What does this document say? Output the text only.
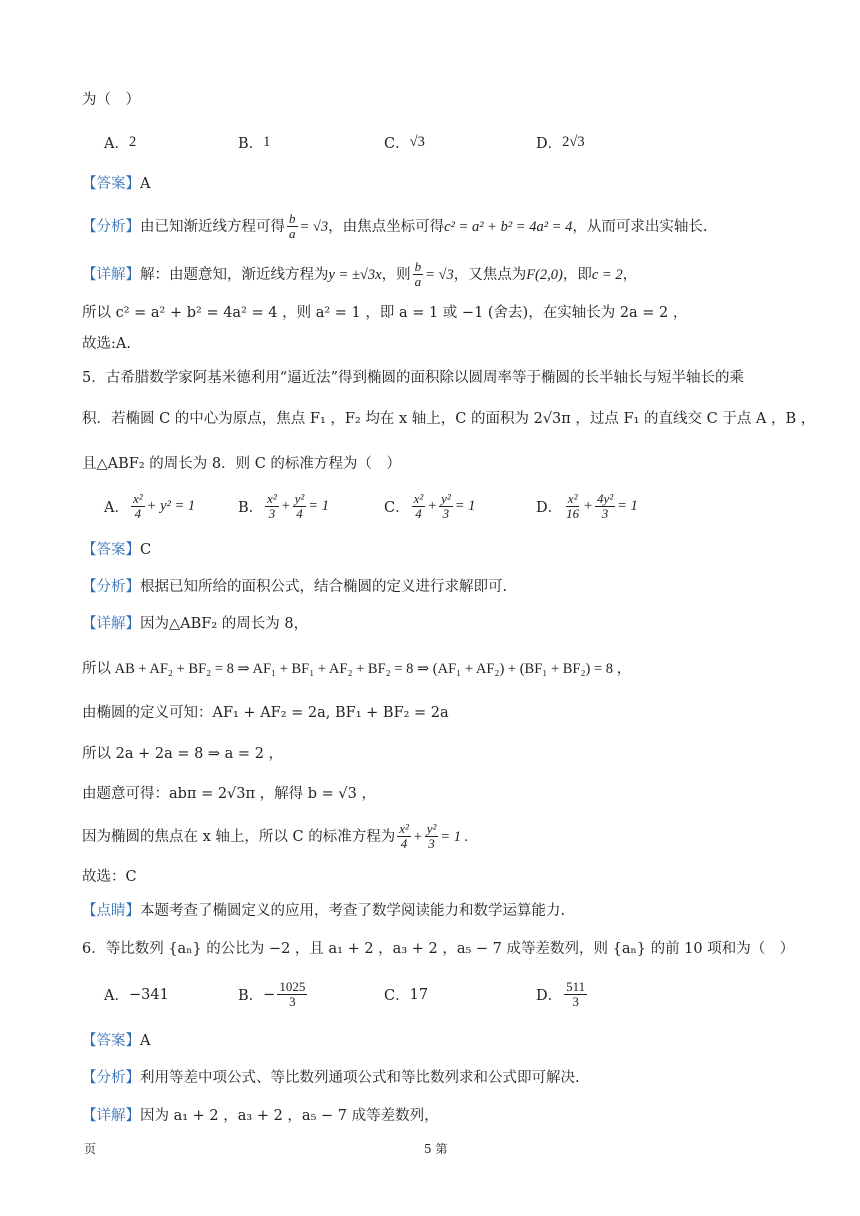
为（　）
A． 2	B． 1	C． √3	D． 2√3
【答案】A
【分析】 由已知渐近线方程可得 $\frac{b}{a} = √3$ ，由焦点坐标可得 c² = a² + b² = 4a² = 4 ，从而可求出实轴长.
【详解】 解：由题意知，渐近线方程为 y = ±√3x ，则 $\frac{b}{a} = √3$ ，又焦点为 F(2,0) ，即 c = 2 ，
所以 c² = a² + b² = 4a² = 4 ，则 a² = 1 ，即 a = 1 或 −1 (舍去)，在实轴长为 2a = 2 ，
故选:A.
5．古希腊数学家阿基米德利用“逼近法”得到椭圆的面积除以圆周率等于椭圆的长半轴长与短半轴长的乘
积．若椭圆 C 的中心为原点，焦点 F₁ ，F₂ 均在 x 轴上，C 的面积为 2√3π ，过点 F₁ 的直线交 C 于点 A ，B ，
且△ABF₂ 的周长为 8．则 C 的标准方程为（　）
A． $\frac{\text{x²}}{4} + y^2 = 1$	B． $\frac{\text{x²}}{3} + \frac{\text{y²}}{4} = 1$	C． $\frac{\text{x²}}{4} + \frac{\text{y²}}{3} = 1$	D． $\frac{\text{x²}}{16} + \frac{\text{4y²}}{3} = 1$
【答案】C
【分析】根据已知所给的面积公式，结合椭圆的定义进行求解即可.
【详解】因为△ABF₂ 的周长为 8，
所以 AB + AF₂ + BF₂ = 8 ⇒ AF₁ + BF₁ + AF₂ + BF₂ = 8 ⇒ (AF₁ + AF₂) + (BF₁ + BF₂) = 8 ，
由椭圆的定义可知：AF₁ + AF₂ = 2a, BF₁ + BF₂ = 2a
所以 2a + 2a = 8 ⇒ a = 2 ，
由题意可得：abπ = 2√3π ，解得 b = √3 ，
因为椭圆的焦点在 x 轴上，所以 C 的标准方程为 $\frac{\text{x²}}{4} + \frac{\text{y²}}{3} = 1$ .
故选：C
【点睛】本题考查了椭圆定义的应用，考查了数学阅读能力和数学运算能力.
6．等比数列 {aₙ} 的公比为 −2 ，且 a₁ + 2 ，a₃ + 2 ，a₅ − 7 成等差数列，则 {aₙ} 的前 10 项和为（　）
A． −341	B． − $\frac{1025}{3}$	C． 17	D． $\frac{511}{3}$
【答案】A
【分析】利用等差中项公式、等比数列通项公式和等比数列求和公式即可解决.
【详解】因为 a₁ + 2 ，a₃ + 2 ，a₅ − 7 成等差数列，
页	5 第
